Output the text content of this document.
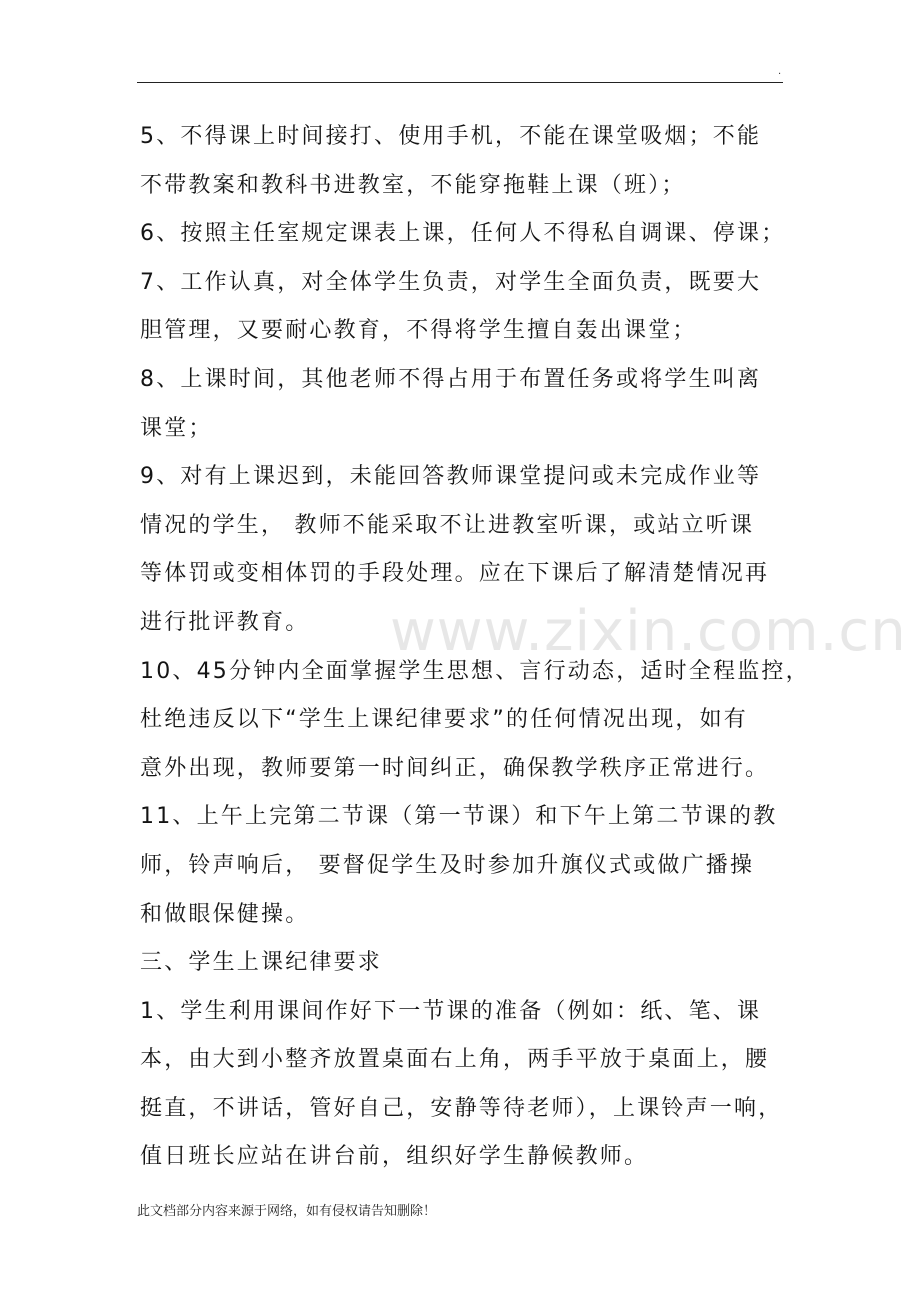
.
5、不得课上时间接打、使用手机，不能在课堂吸烟；不能
不带教案和教科书进教室，不能穿拖鞋上课（班）；
6、按照主任室规定课表上课，任何人不得私自调课、停课；
7、工作认真，对全体学生负责，对学生全面负责，既要大
胆管理，又要耐心教育，不得将学生擅自轰出课堂；
8、上课时间，其他老师不得占用于布置任务或将学生叫离
课堂；
9、对有上课迟到，未能回答教师课堂提问或未完成作业等
情况的学生， 教师不能采取不让进教室听课，或站立听课
等体罚或变相体罚的手段处理。应在下课后了解清楚情况再
进行批评教育。
10、45分钟内全面掌握学生思想、言行动态，适时全程监控，
杜绝违反以下“学生上课纪律要求”的任何情况出现，如有
意外出现，教师要第一时间纠正，确保教学秩序正常进行。
11、上午上完第二节课（第一节课）和下午上第二节课的教
师，铃声响后， 要督促学生及时参加升旗仪式或做广播操
和做眼保健操。
三、学生上课纪律要求
1、学生利用课间作好下一节课的准备（例如：纸、笔、课
本，由大到小整齐放置桌面右上角，两手平放于桌面上，腰
挺直，不讲话，管好自己，安静等待老师），上课铃声一响，
值日班长应站在讲台前，组织好学生静候教师。
www.zixin.com.cn
此文档部分内容来源于网络，如有侵权请告知删除！
